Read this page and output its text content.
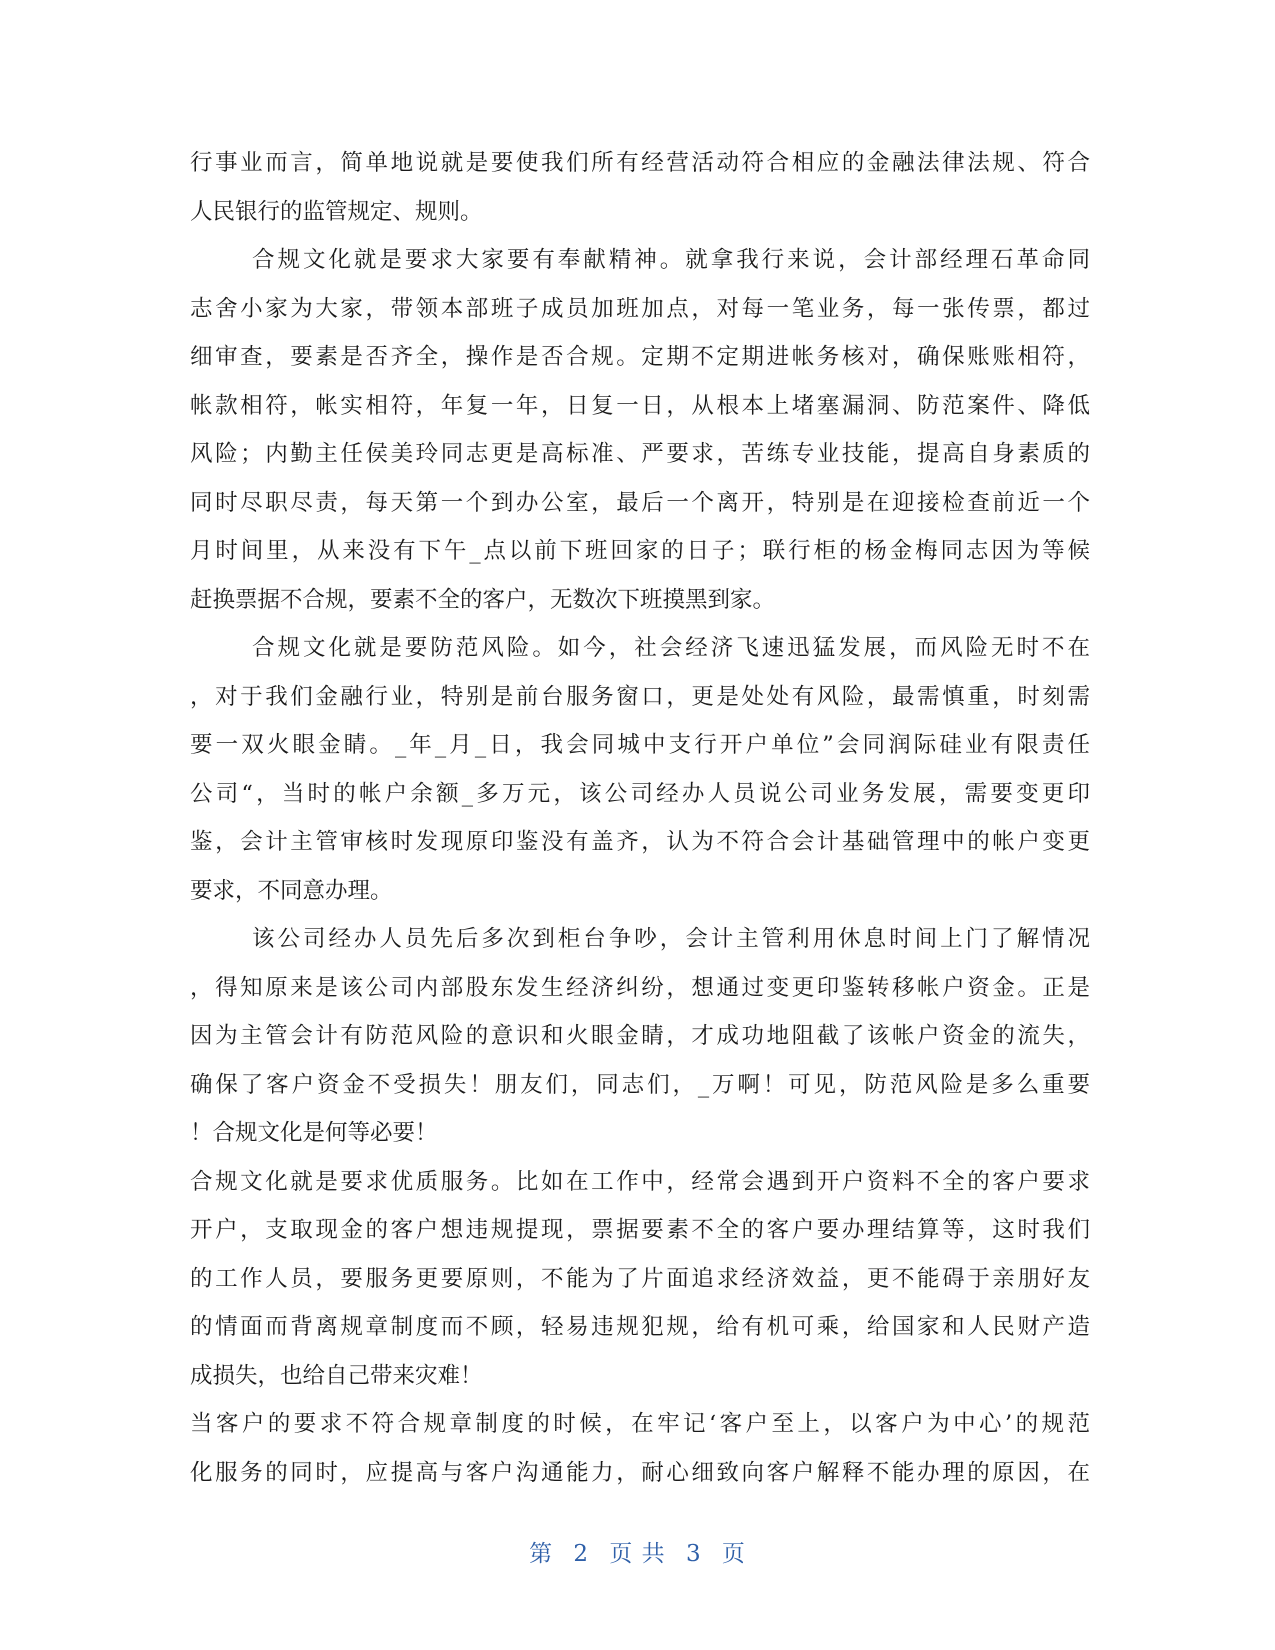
行事业而言，简单地说就是要使我们所有经营活动符合相应的金融法律法规、符合
人民银行的监管规定、规则。
合规文化就是要求大家要有奉献精神。就拿我行来说，会计部经理石革命同
志舍小家为大家，带领本部班子成员加班加点，对每一笔业务，每一张传票，都过
细审查，要素是否齐全，操作是否合规。定期不定期进帐务核对，确保账账相符，
帐款相符，帐实相符，年复一年，日复一日，从根本上堵塞漏洞、防范案件、降低
风险；内勤主任侯美玲同志更是高标准、严要求，苦练专业技能，提高自身素质的
同时尽职尽责，每天第一个到办公室，最后一个离开，特别是在迎接检查前近一个
月时间里，从来没有下午_点以前下班回家的日子；联行柜的杨金梅同志因为等候
赶换票据不合规，要素不全的客户，无数次下班摸黑到家。
合规文化就是要防范风险。如今，社会经济飞速迅猛发展，而风险无时不在
，对于我们金融行业，特别是前台服务窗口，更是处处有风险，最需慎重，时刻需
要一双火眼金睛。_年_月_日，我会同城中支行开户单位”会同润际硅业有限责任
公司“，当时的帐户余额_多万元，该公司经办人员说公司业务发展，需要变更印
鉴，会计主管审核时发现原印鉴没有盖齐，认为不符合会计基础管理中的帐户变更
要求，不同意办理。
该公司经办人员先后多次到柜台争吵，会计主管利用休息时间上门了解情况
，得知原来是该公司内部股东发生经济纠纷，想通过变更印鉴转移帐户资金。正是
因为主管会计有防范风险的意识和火眼金睛，才成功地阻截了该帐户资金的流失，
确保了客户资金不受损失！朋友们，同志们，_万啊！可见，防范风险是多么重要
！合规文化是何等必要！
合规文化就是要求优质服务。比如在工作中，经常会遇到开户资料不全的客户要求
开户，支取现金的客户想违规提现，票据要素不全的客户要办理结算等，这时我们
的工作人员，要服务更要原则，不能为了片面追求经济效益，更不能碍于亲朋好友
的情面而背离规章制度而不顾，轻易违规犯规，给有机可乘，给国家和人民财产造
成损失，也给自己带来灾难！
当客户的要求不符合规章制度的时候，在牢记‘客户至上，以客户为中心’的规范
化服务的同时，应提高与客户沟通能力，耐心细致向客户解释不能办理的原因，在
第 2 页 共 3 页
